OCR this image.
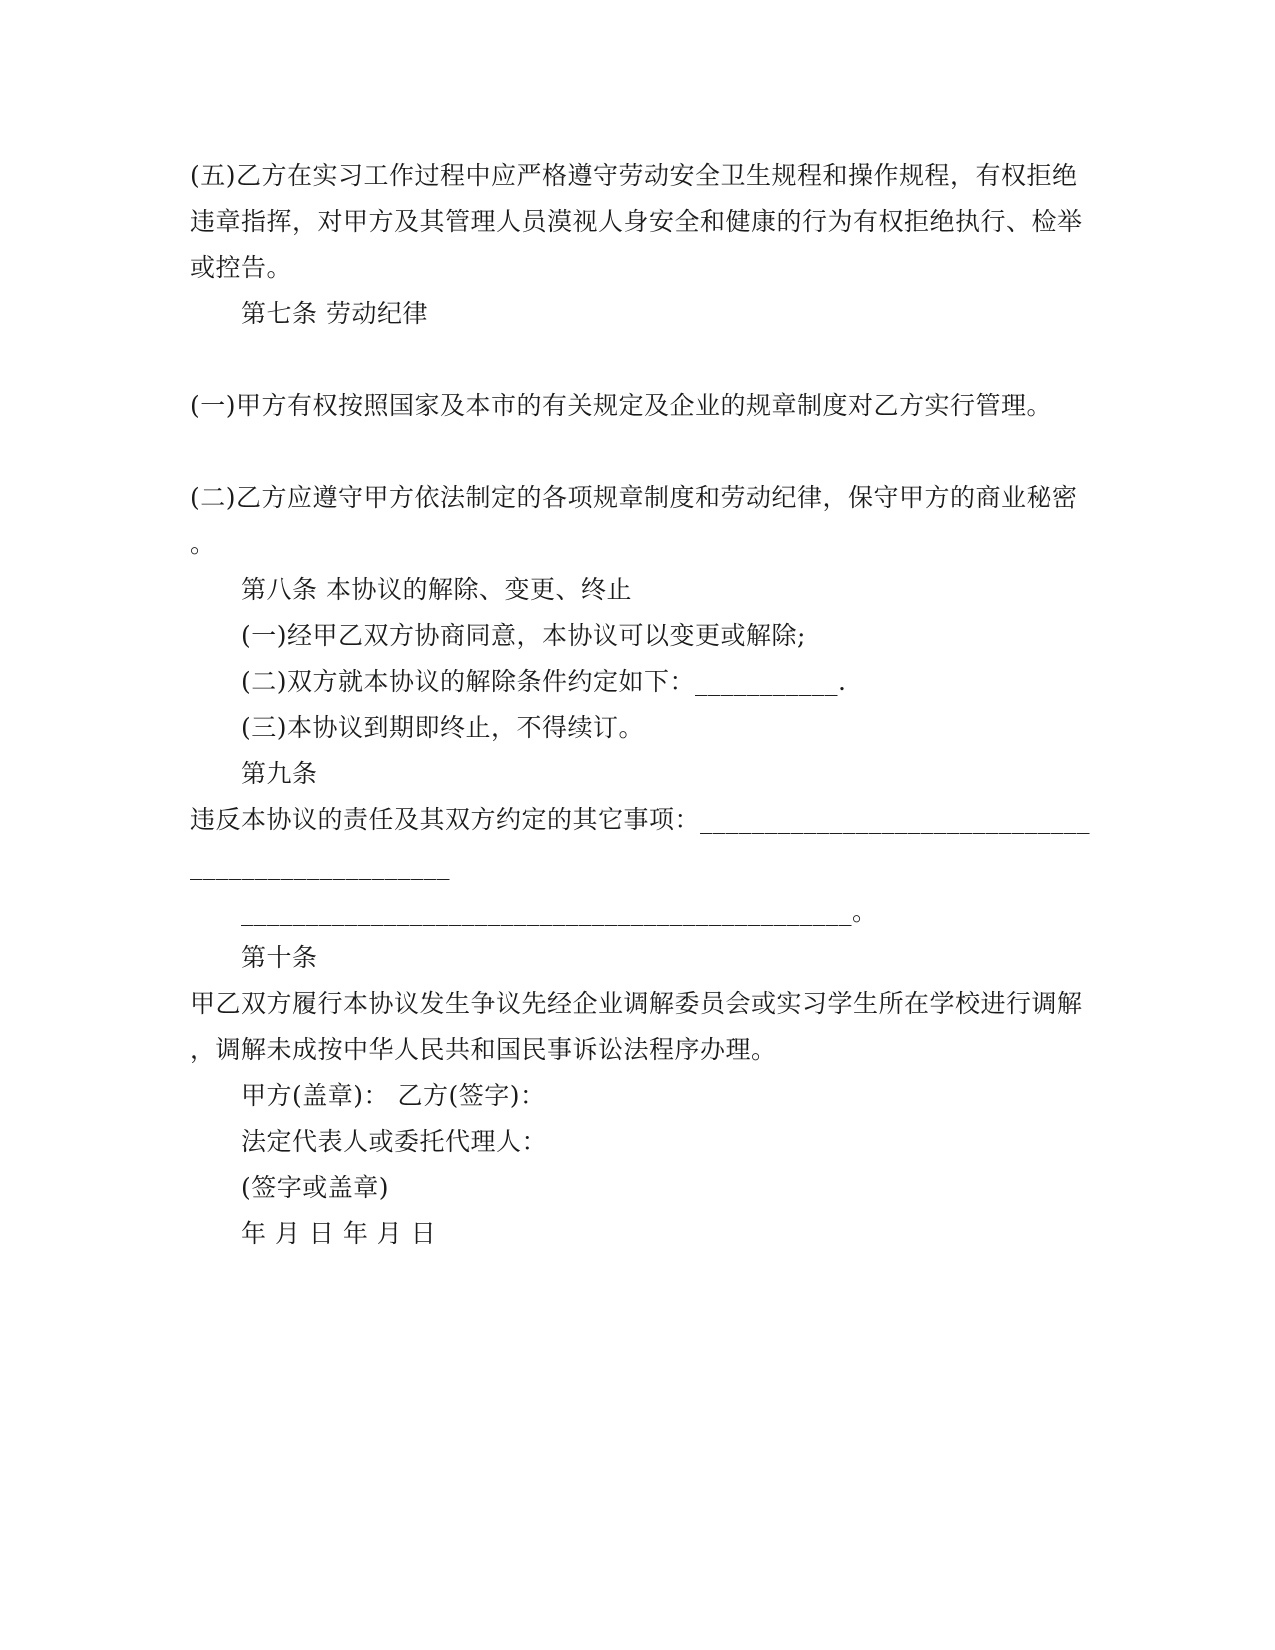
(五)乙方在实习工作过程中应严格遵守劳动安全卫生规程和操作规程，有权拒绝
违章指挥，对甲方及其管理人员漠视人身安全和健康的行为有权拒绝执行、检举
或控告。
第七条 劳动纪律
(一)甲方有权按照国家及本市的有关规定及企业的规章制度对乙方实行管理。
(二)乙方应遵守甲方依法制定的各项规章制度和劳动纪律，保守甲方的商业秘密
。
第八条 本协议的解除、变更、终止
(一)经甲乙双方协商同意，本协议可以变更或解除;
(二)双方就本协议的解除条件约定如下：___________.
(三)本协议到期即终止，不得续订。
第九条
违反本协议的责任及其双方约定的其它事项：______________________________
____________________
_______________________________________________。
第十条
甲乙双方履行本协议发生争议先经企业调解委员会或实习学生所在学校进行调解
，调解未成按中华人民共和国民事诉讼法程序办理。
甲方(盖章)： 乙方(签字)：
法定代表人或委托代理人：
(签字或盖章)
年 月 日 年 月 日
